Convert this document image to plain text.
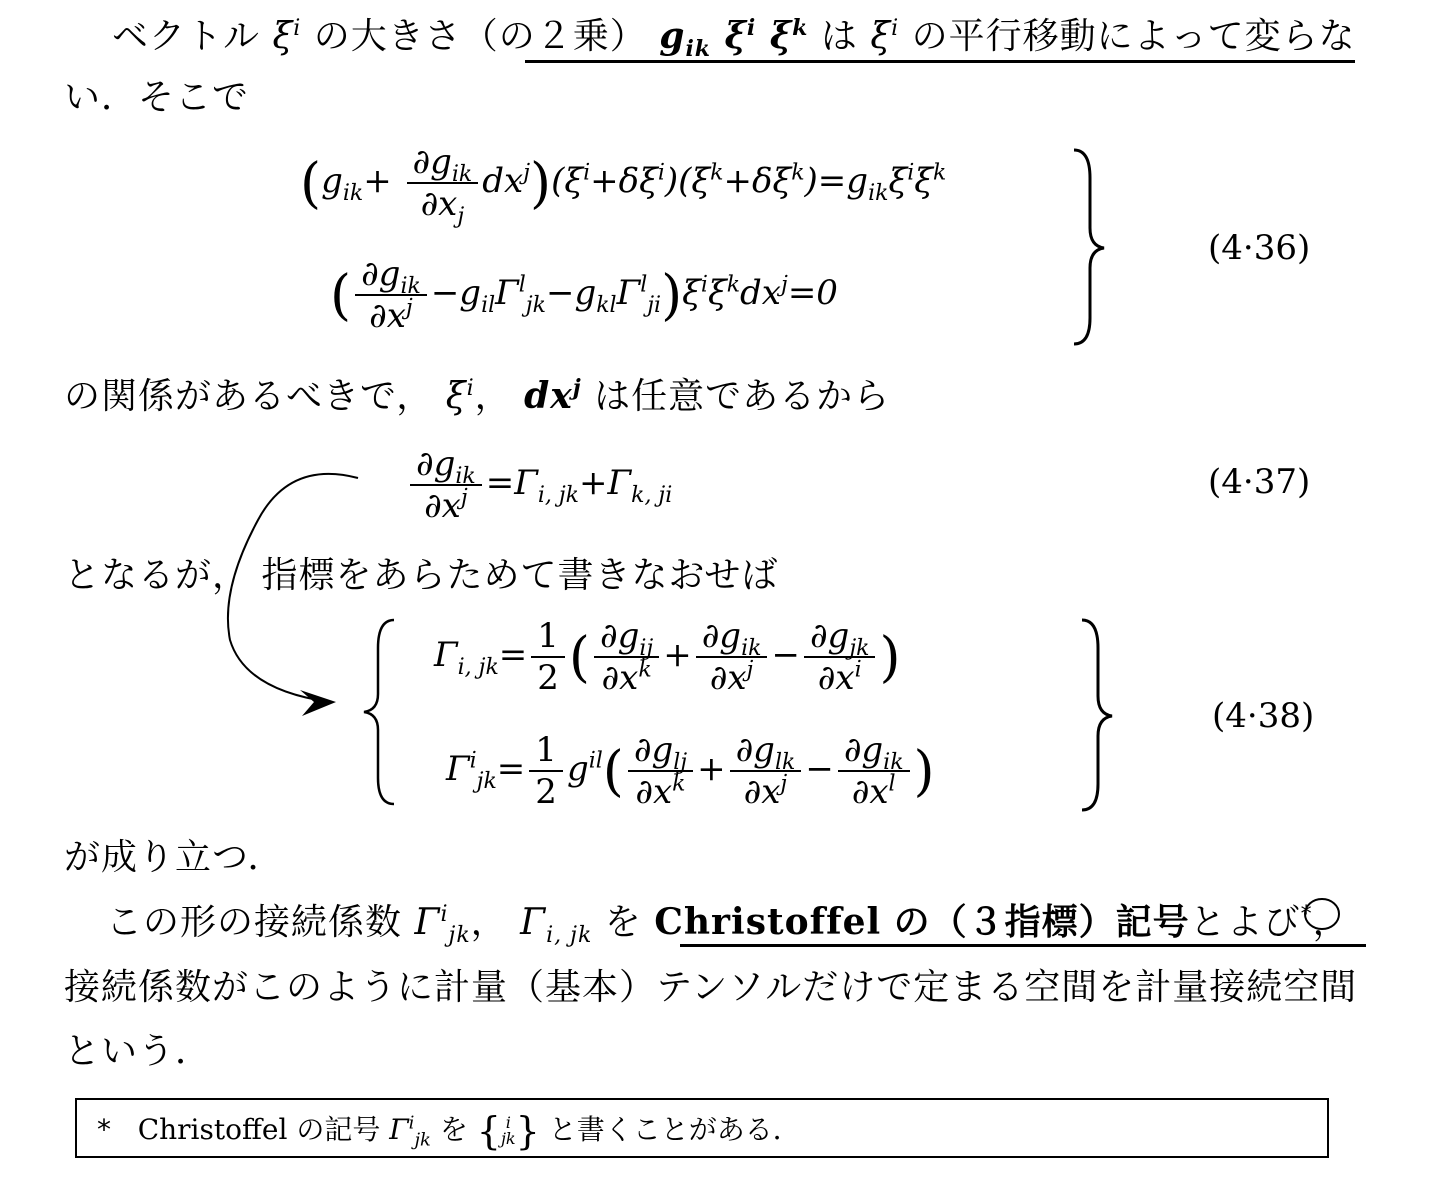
ベクトル $\xi^i$ の大きさ（の２乗） $g_{ik}$ $\xi^i$ $\xi^k$ は $\xi^i$ の平行移動によって変らな
い．そこで
$(g_{ik}+ \frac{\partial g_{ik}}{\partial x_j} dx^j)(\xi^i+\delta\xi^i)(\xi^k+\delta\xi^k)=g_{ik}\xi^i\xi^k$
( $\frac{\partial g_{ik}}{\partial x^j} -g_{il}\Gamma^l_{jk}-g_{kl}\Gamma^l_{ji})\xi^i\xi^kdx^j=0$
(4·36)
の関係があるべきで， $\xi^i$， $dx^j$ は任意であるから
$\frac{\partial g_{ik}}{\partial x^j} =\Gamma_{i, jk}+\Gamma_{k, ji}$	(4·37)
となるが， 指標をあらためて書きなおせば
$\Gamma_{i, jk}= \frac{1}{2}$ ( $\frac{\partial g_{ij}}{\partial x^k} + \frac{\partial g_{ik}}{\partial x^j} - \frac{\partial g_{jk}}{\partial x^i}$ )
$\Gamma^i_{jk}= \frac{1}{2} g^{il}( \frac{\partial g_{lj}}{\partial x^k} + \frac{\partial g_{lk}}{\partial x^j} - \frac{\partial g_{ik}}{\partial x^l}$ )
(4·38)
が成り立つ．
この形の接続係数 $\Gamma^i_{jk}$， $\Gamma_{i, jk}$ を Christoffel の（３指標）記号とよび*，
接続係数がこのように計量（基本）テンソルだけで定まる空間を計量接続空間
という．
* Christoffel の記号 $\Gamma^i_{jk}$ を { i
jk } と書くことがある．
